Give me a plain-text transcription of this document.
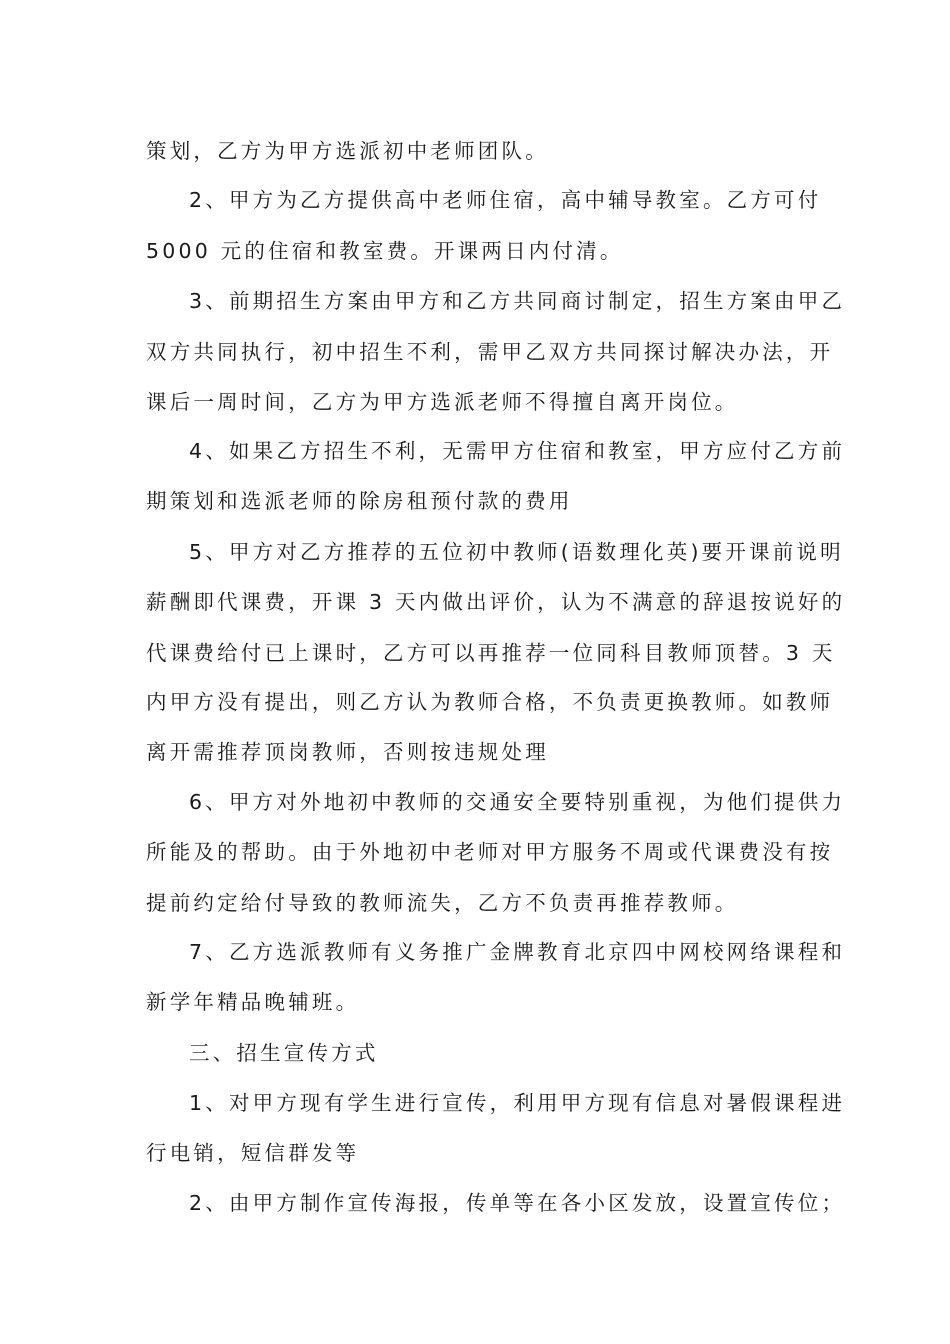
策划，乙方为甲方选派初中老师团队。
2、甲方为乙方提供高中老师住宿，高中辅导教室。乙方可付
5000 元的住宿和教室费。开课两日内付清。
3、前期招生方案由甲方和乙方共同商讨制定，招生方案由甲乙
双方共同执行，初中招生不利，需甲乙双方共同探讨解决办法，开
课后一周时间，乙方为甲方选派老师不得擅自离开岗位。
4、如果乙方招生不利，无需甲方住宿和教室，甲方应付乙方前
期策划和选派老师的除房租预付款的费用
5、甲方对乙方推荐的五位初中教师(语数理化英)要开课前说明
薪酬即代课费，开课 3 天内做出评价，认为不满意的辞退按说好的
代课费给付已上课时，乙方可以再推荐一位同科目教师顶替。3 天
内甲方没有提出，则乙方认为教师合格，不负责更换教师。如教师
离开需推荐顶岗教师，否则按违规处理
6、甲方对外地初中教师的交通安全要特别重视，为他们提供力
所能及的帮助。由于外地初中老师对甲方服务不周或代课费没有按
提前约定给付导致的教师流失，乙方不负责再推荐教师。
7、乙方选派教师有义务推广金牌教育北京四中网校网络课程和
新学年精品晚辅班。
三、招生宣传方式
1、对甲方现有学生进行宣传，利用甲方现有信息对暑假课程进
行电销，短信群发等
2、由甲方制作宣传海报，传单等在各小区发放，设置宣传位；
